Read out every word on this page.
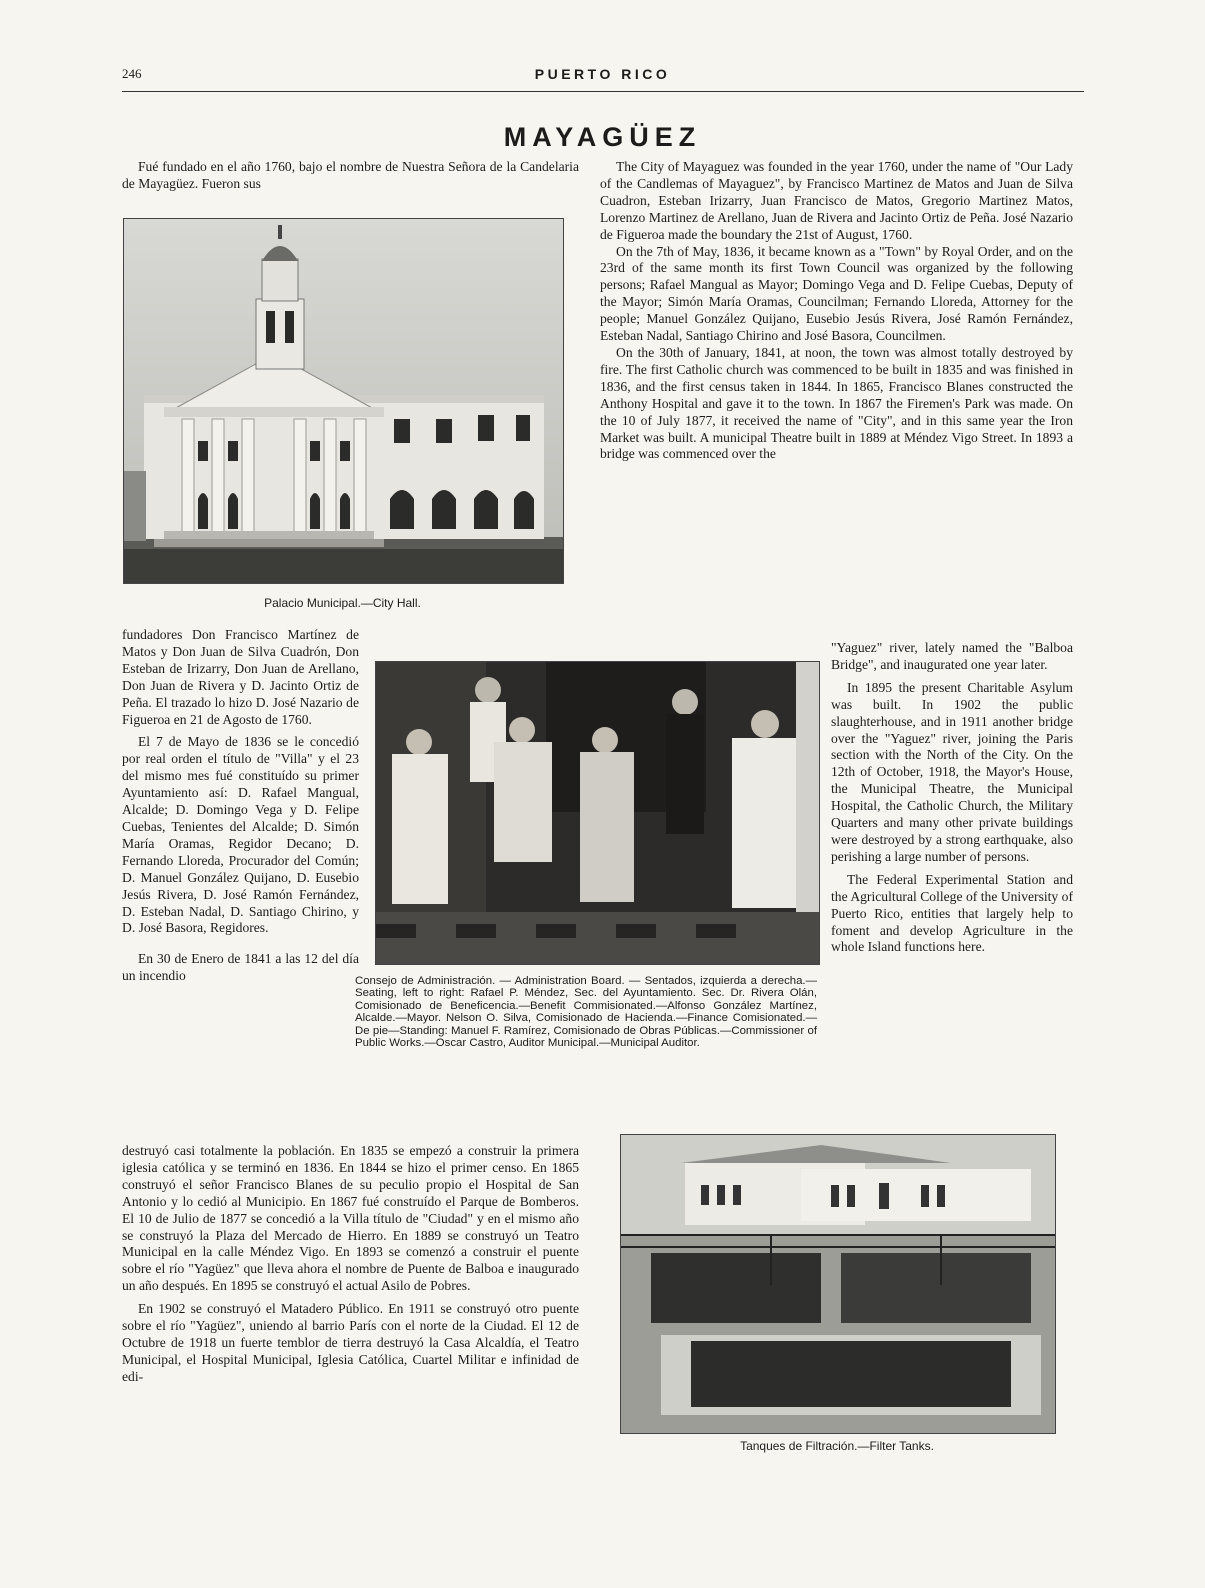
246	PUERTO RICO
MAYAGÜEZ

Fué fundado en el año 1760, bajo el nombre de Nuestra Señora de la Candelaria de Mayagüez. Fueron sus

Palacio Municipal.—City Hall.

fundadores Don Francisco Martínez de Matos y Don Juan de Silva Cuadrón, Don Esteban de Irizarry, Don Juan de Arellano, Don Juan de Rivera y D. Jacinto Ortiz de Peña. El trazado lo hizo D. José Nazario de Figueroa en 21 de Agosto de 1760.

El 7 de Mayo de 1836 se le concedió por real orden el título de "Villa" y el 23 del mismo mes fué constituído su primer Ayuntamiento así: D. Rafael Mangual, Alcalde; D. Domingo Vega y D. Felipe Cuebas, Tenientes del Alcalde; D. Simón María Oramas, Regidor Decano; D. Fernando Lloreda, Procurador del Común; D. Manuel González Quijano, D. Eusebio Jesús Rivera, D. José Ramón Fernández, D. Esteban Nadal, D. Santiago Chirino, y D. José Basora, Regidores.

En 30 de Enero de 1841 a las 12 del día un incendio

destruyó casi totalmente la población. En 1835 se empezó a construir la primera iglesia católica y se terminó en 1836. En 1844 se hizo el primer censo. En 1865 construyó el señor Francisco Blanes de su peculio propio el Hospital de San Antonio y lo cedió al Municipio. En 1867 fué construído el Parque de Bomberos. El 10 de Julio de 1877 se concedió a la Villa título de "Ciudad" y en el mismo año se construyó la Plaza del Mercado de Hierro. En 1889 se construyó un Teatro Municipal en la calle Méndez Vigo. En 1893 se comenzó a construir el puente sobre el río "Yagüez" que lleva ahora el nombre de Puente de Balboa e inaugurado un año después. En 1895 se construyó el actual Asilo de Pobres.

En 1902 se construyó el Matadero Público. En 1911 se construyó otro puente sobre el río "Yagüez", uniendo al barrio París con el norte de la Ciudad. El 12 de Octubre de 1918 un fuerte temblor de tierra destruyó la Casa Alcaldía, el Teatro Municipal, el Hospital Municipal, Iglesia Católica, Cuartel Militar e infinidad de edi-

Consejo de Administración. — Administration Board. — Sentados, izquierda a derecha.—Seating, left to right: Rafael P. Méndez, Sec. del Ayuntamiento. Sec. Dr. Rivera Olán, Comisionado de Beneficencia.—Benefit Commisionated.—Alfonso González Martínez, Alcalde.—Mayor. Nelson O. Silva, Comisionado de Hacienda.—Finance Comisionated.—De pie—Standing: Manuel F. Ramírez, Comisionado de Obras Públicas.—Commissioner of Public Works.—Oscar Castro, Auditor Municipal.—Municipal Auditor.

The City of Mayaguez was founded in the year 1760, under the name of "Our Lady of the Candlemas of Mayaguez", by Francisco Martinez de Matos and Juan de Silva Cuadron, Esteban Irizarry, Juan Francisco de Matos, Gregorio Martinez Matos, Lorenzo Martinez de Arellano, Juan de Rivera and Jacinto Ortiz de Peña. José Nazario de Figueroa made the boundary the 21st of August, 1760.

On the 7th of May, 1836, it became known as a "Town" by Royal Order, and on the 23rd of the same month its first Town Council was organized by the following persons; Rafael Mangual as Mayor; Domingo Vega and D. Felipe Cuebas, Deputy of the Mayor; Simón María Oramas, Councilman; Fernando Lloreda, Attorney for the people; Manuel González Quijano, Eusebio Jesús Rivera, José Ramón Fernández, Esteban Nadal, Santiago Chirino and José Basora, Councilmen.

On the 30th of January, 1841, at noon, the town was almost totally destroyed by fire. The first Catholic church was commenced to be built in 1835 and was finished in 1836, and the first census taken in 1844. In 1865, Francisco Blanes constructed the Anthony Hospital and gave it to the town. In 1867 the Firemen's Park was made. On the 10 of July 1877, it received the name of "City", and in this same year the Iron Market was built. A municipal Theatre built in 1889 at Méndez Vigo Street. In 1893 a bridge was commenced over the

"Yaguez" river, lately named the "Balboa Bridge", and inaugurated one year later.

In 1895 the present Charitable Asylum was built. In 1902 the public slaughterhouse, and in 1911 another bridge over the "Yaguez" river, joining the Paris section with the North of the City. On the 12th of October, 1918, the Mayor's House, the Municipal Theatre, the Municipal Hospital, the Catholic Church, the Military Quarters and many other private buildings were destroyed by a strong earthquake, also perishing a large number of persons.

The Federal Experimental Station and the Agricultural College of the University of Puerto Rico, entities that largely help to foment and develop Agriculture in the whole Island functions here.

Tanques de Filtración.—Filter Tanks.
